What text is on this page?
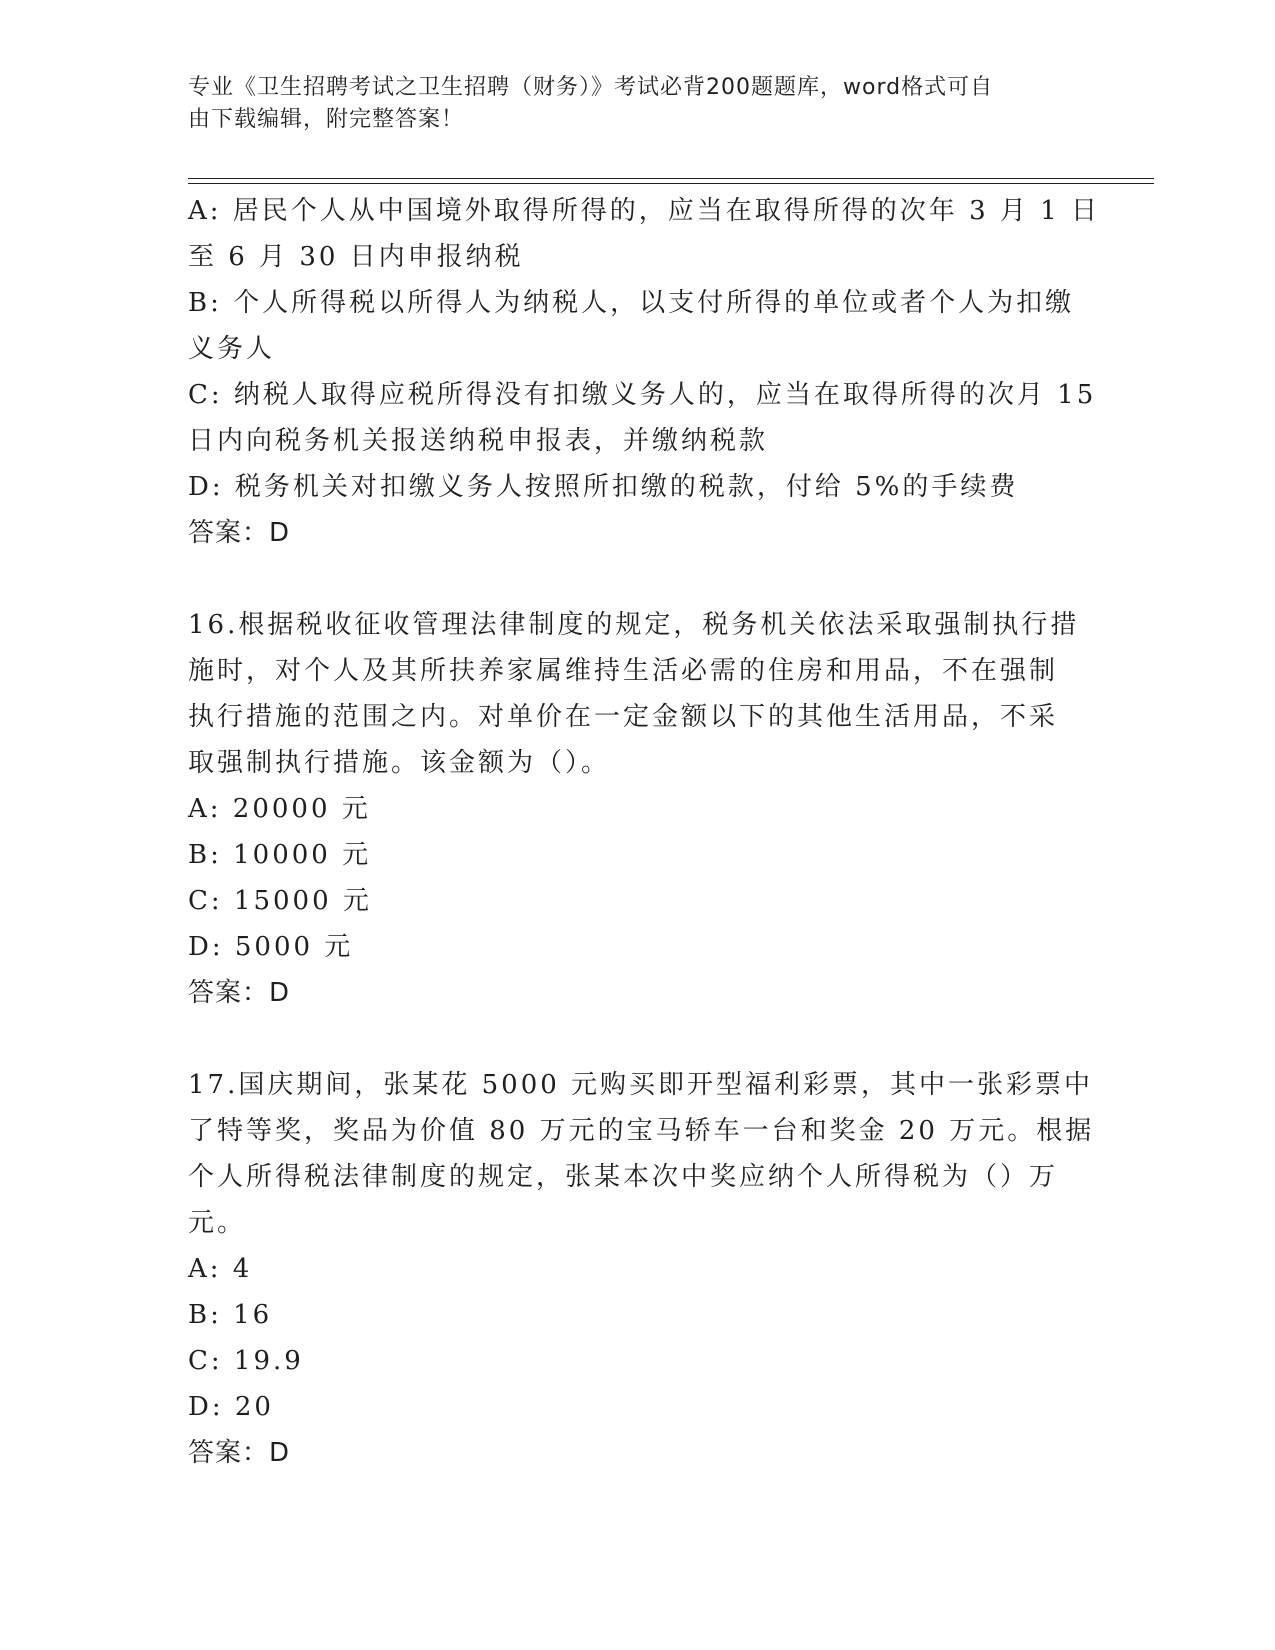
专业《卫生招聘考试之卫生招聘（财务）》考试必背200题题库，word格式可自
由下载编辑，附完整答案！
A: 居民个人从中国境外取得所得的，应当在取得所得的次年 3 月 1 日
至 6 月 30 日内申报纳税
B: 个人所得税以所得人为纳税人，以支付所得的单位或者个人为扣缴
义务人
C: 纳税人取得应税所得没有扣缴义务人的，应当在取得所得的次月 15
日内向税务机关报送纳税申报表，并缴纳税款
D: 税务机关对扣缴义务人按照所扣缴的税款，付给 5%的手续费
答案：D
16.根据税收征收管理法律制度的规定，税务机关依法采取强制执行措
施时，对个人及其所扶养家属维持生活必需的住房和用品，不在强制
执行措施的范围之内。对单价在一定金额以下的其他生活用品，不采
取强制执行措施。该金额为（）。
A: 20000 元
B: 10000 元
C: 15000 元
D: 5000 元
答案：D
17.国庆期间，张某花 5000 元购买即开型福利彩票，其中一张彩票中
了特等奖，奖品为价值 80 万元的宝马轿车一台和奖金 20 万元。根据
个人所得税法律制度的规定，张某本次中奖应纳个人所得税为（）万
元。
A: 4
B: 16
C: 19.9
D: 20
答案：D
